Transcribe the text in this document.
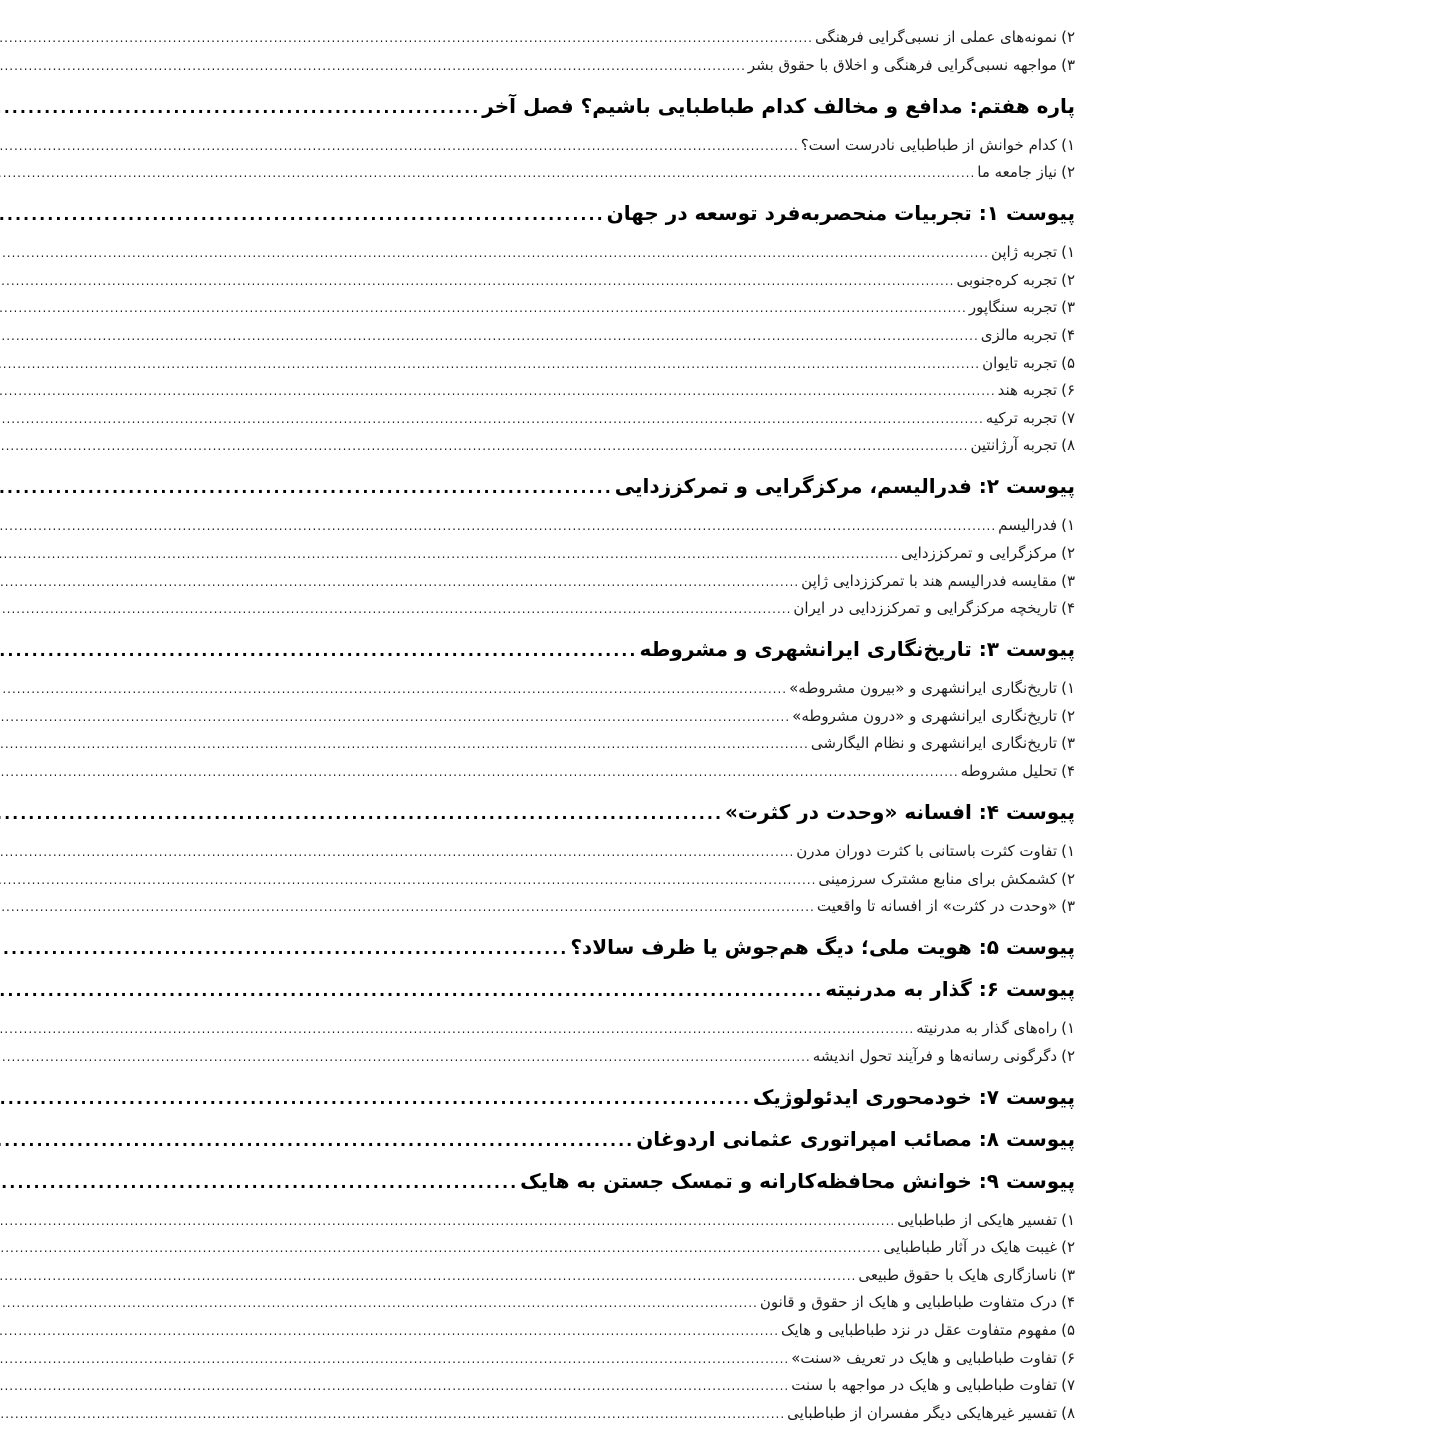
۲)نمونه‌های عملی از نسبی‌گرایی فرهنگی
.....
۳)مواجهه نسبی‌گرایی فرهنگی و اخلاق با حقوق بشر
.....
پاره هفتم: مدافع و مخالف کدام طباطبایی باشیم؟ فصل آخر
.....
۱)کدام خوانش از طباطبایی نادرست است؟
.....
۲)نیاز جامعه ما
.....
پیوست ۱: تجربیات منحصربه‌فرد توسعه در جهان
.....
۱)تجربه ژاپن
.....
۲)تجربه کره‌جنوبی
.....
۳)تجربه سنگاپور
.....
۴)تجربه مالزی
.....
۵)تجربه تایوان
.....
۶)تجربه هند
.....
۷)تجربه ترکیه
.....
۸)تجربه آرژانتین
.....
پیوست ۲: فدرالیسم، مرکزگرایی و تمرکززدایی
.....
۱)فدرالیسم
.....
۲)مرکزگرایی و تمرکززدایی
.....
۳)مقایسه فدرالیسم هند با تمرکززدایی ژاپن
.....
۴)تاریخچه مرکزگرایی و تمرکززدایی در ایران
.....
پیوست ۳: تاریخ‌نگاری ایرانشهری و مشروطه
.....
۱)تاریخ‌نگاری ایرانشهری و «بیرون مشروطه»
.....
۲)تاریخ‌نگاری ایرانشهری و «درون مشروطه»
.....
۳)تاریخ‌نگاری ایرانشهری و نظام الیگارشی
.....
۴)تحلیل مشروطه
.....
پیوست ۴: افسانه «وحدت در کثرت»
.....
۱)تفاوت کثرت باستانی با کثرت دوران مدرن
.....
۲)کشمکش برای منابع مشترک سرزمینی
.....
۳)«وحدت در کثرت» از افسانه تا واقعیت
.....
پیوست ۵: هویت ملی؛ دیگ هم‌جوش یا ظرف سالاد؟
.....
پیوست ۶: گذار به مدرنیته
.....
۱)راه‌های گذار به مدرنیته
.....
۲)دگرگونی رسانه‌ها و فرآیند تحول اندیشه
.....
پیوست ۷: خودمحوری ایدئولوژیک
.....
پیوست ۸: مصائب امپراتوری عثمانی اردوغان
.....
پیوست ۹: خوانش محافظه‌کارانه و تمسک جستن به هایک
.....
۱)تفسیر هایکی از طباطبایی
.....
۲)غیبت هایک در آثار طباطبایی
.....
۳)ناسازگاری هایک با حقوق طبیعی
.....
۴)درک متفاوت طباطبایی و هایک از حقوق و قانون
.....
۵)مفهوم متفاوت عقل در نزد طباطبایی و هایک
.....
۶)تفاوت طباطبایی و هایک در تعریف «سنت»
.....
۷)تفاوت طباطبایی و هایک در مواجهه با سنت
.....
۸)تفسیر غیرهایکی دیگر مفسران از طباطبایی
.....
